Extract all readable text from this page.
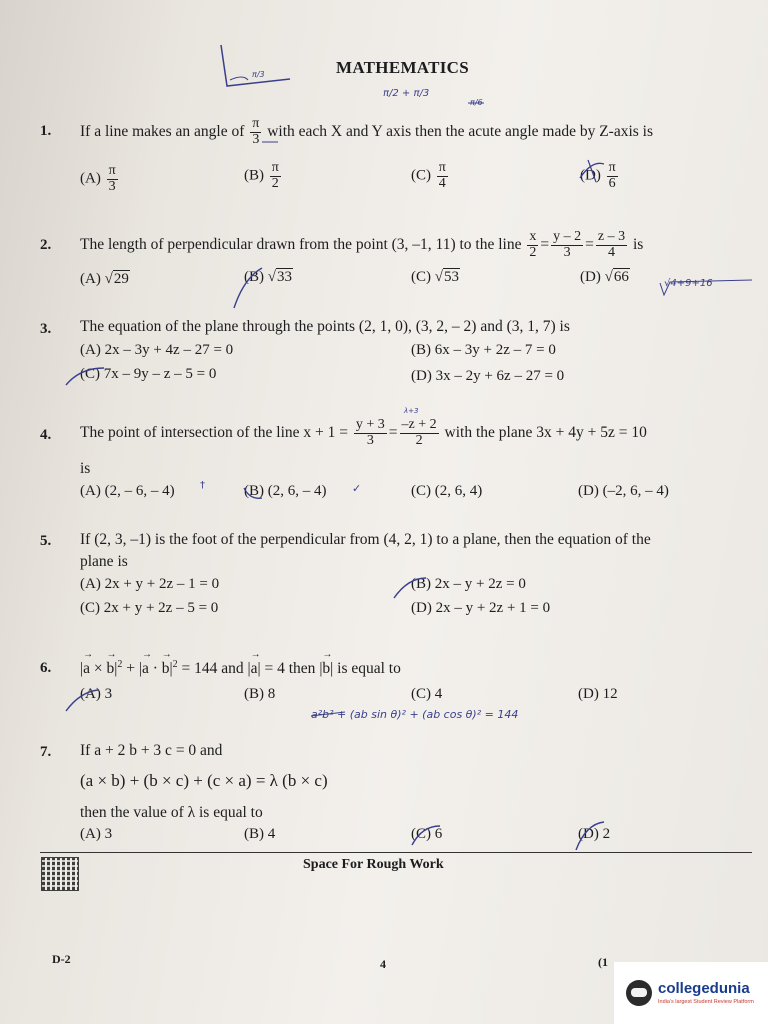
MATHEMATICS
1. If a line makes an angle of $\frac{\pi}{3}$ with each X and Y axis then the acute angle made by Z-axis is
$(A) \frac{\pi}{3}$	$(B) \frac{\pi}{2}$	$(C) \frac{\pi}{4}$	$(D) \frac{\pi}{6}$
2. The length of perpendicular drawn from the point (3, –1, 11) to the line $\frac{x}{2} = \frac{y - 2}{3} = \frac{z - 3}{4}$ is
(A) √29	(B) √33	(C) √53	(D) √66
3. The equation of the plane through the points (2, 1, 0), (3, 2, – 2) and (3, 1, 7) is
(A) 2x – 3y + 4z – 27 = 0	(B) 6x – 3y + 2z – 7 = 0
(C) 7x – 9y – z – 5 = 0	(D) 3x – 2y + 6z – 27 = 0
4. The point of intersection of the line $x + 1 = \frac{y + 3}{3} = \frac{-z + 2}{2}$ with the plane 3x + 4y + 5z = 10
is
(A) (2, – 6, – 4)	(B) (2, 6, – 4)	(C) (2, 6, 4)	(D) (–2, 6, – 4)
5. If (2, 3, –1) is the foot of the perpendicular from (4, 2, 1) to a plane, then the equation of the
plane is
(A) 2x + y + 2z – 1 = 0	(B) 2x – y + 2z = 0
(C) 2x + y + 2z – 5 = 0	(D) 2x – y + 2z + 1 = 0
6. |→ a × → $b|^2$ + |→ a · → $b|^2 = 144$ and |→ a| = 4 then |→ b| is equal to
(A) 3	(B) 8	(C) 4	(D) 12
7. If a + 2 b + 3 c = 0 and
(a × b) + (b × c) + (c × a) = λ (b × c)
then the value of λ is equal to
(A) 3	(B) 4	(C) 6	(D) 2
π/3
π/2 + π/3
π/6
√4+9+16
λ+3
a²b² + (ab sin θ)² + (ab cos θ)² = 144
†	✓
Space For Rough Work
D-2	4	(1
collegedunia
India's largest Student Review Platform
